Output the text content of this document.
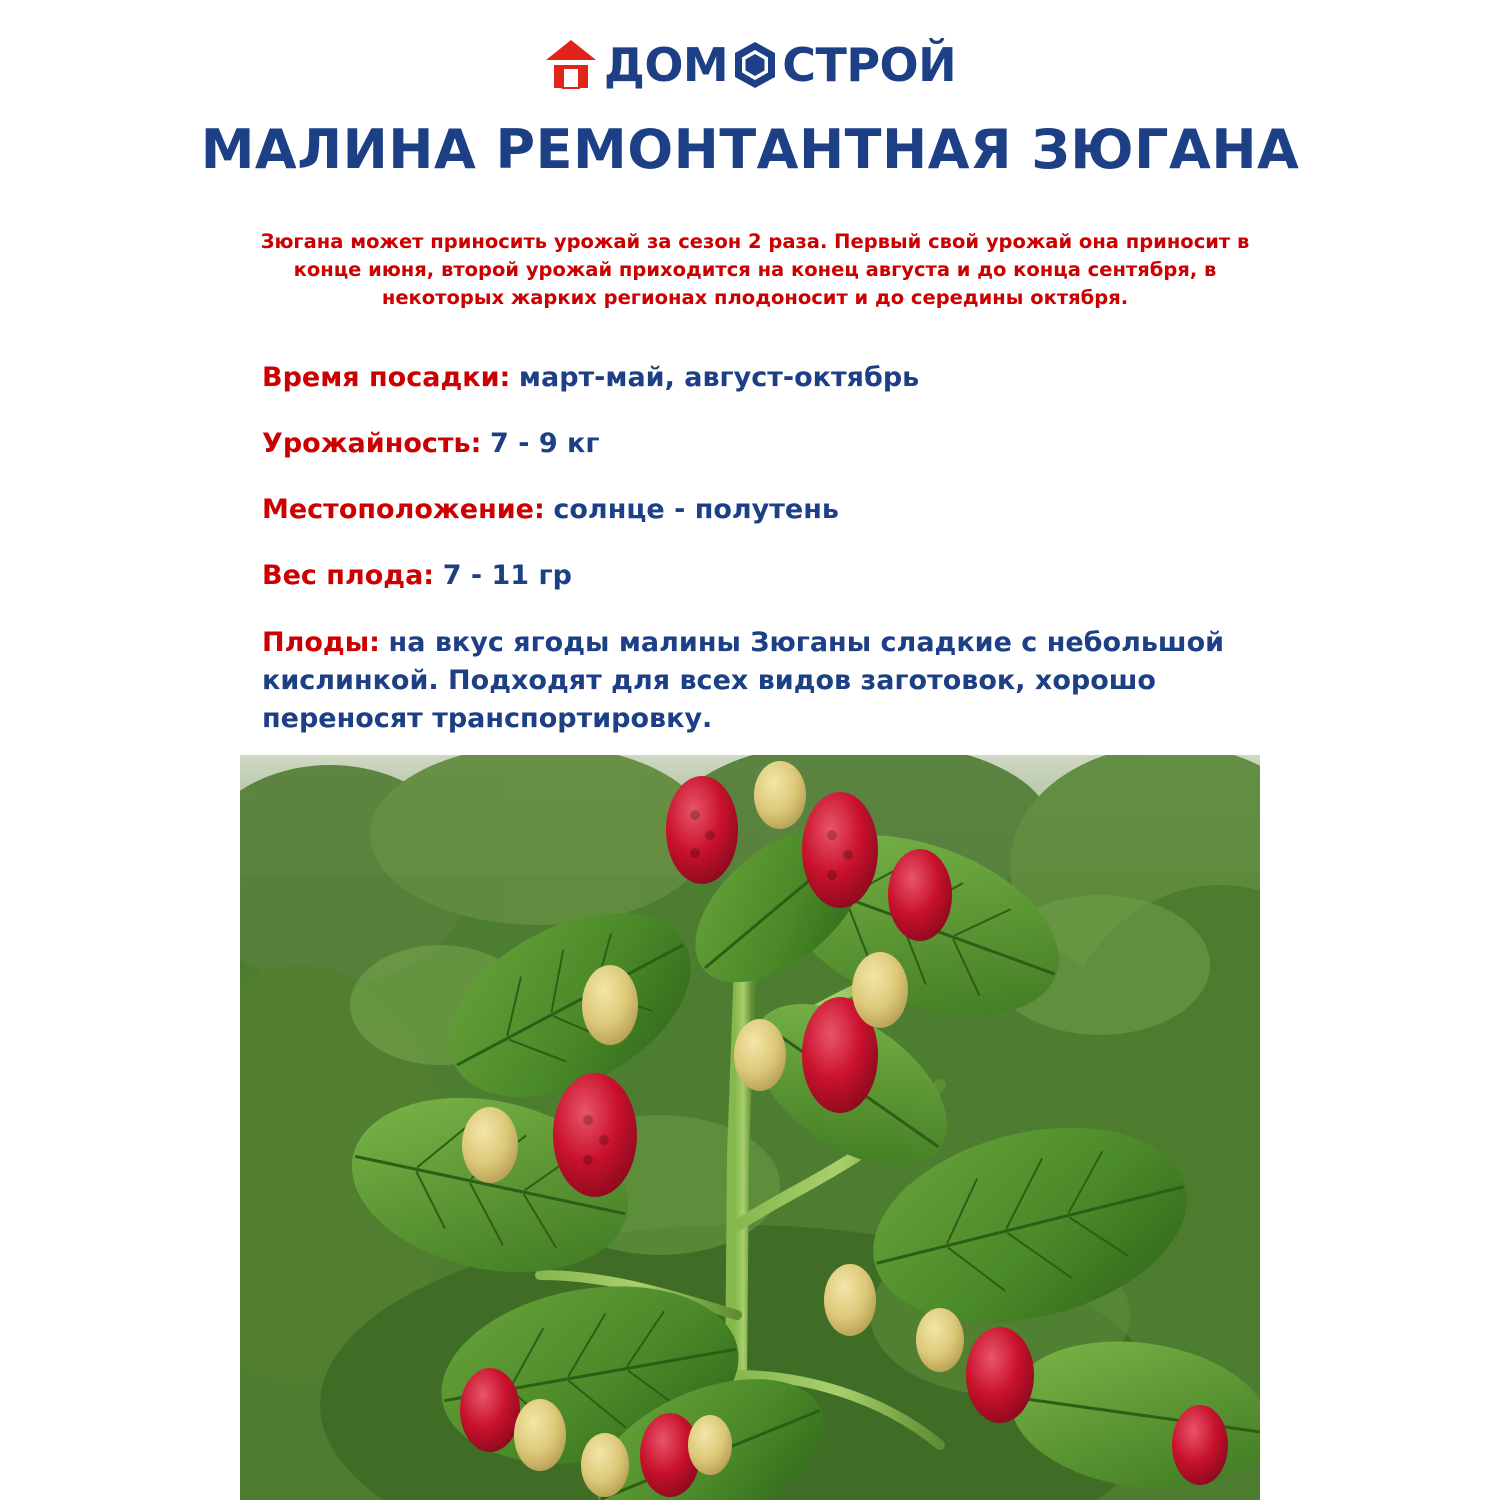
ДОМ СТРОЙ
МАЛИНА РЕМОНТАНТНАЯ ЗЮГАНА
Зюгана может приносить урожай за сезон 2 раза. Первый свой урожай она приносит в конце июня, второй урожай приходится на конец августа и до конца сентября, в некоторых жарких регионах плодоносит и до середины октября.
Время посадки: март-май, август-октябрь
Урожайность: 7 - 9 кг
Местоположение: солнце - полутень
Вес плода: 7 - 11 гр
Плоды: на вкус ягоды малины Зюганы сладкие с небольшой кислинкой. Подходят для всех видов заготовок, хорошо переносят транспортировку.
